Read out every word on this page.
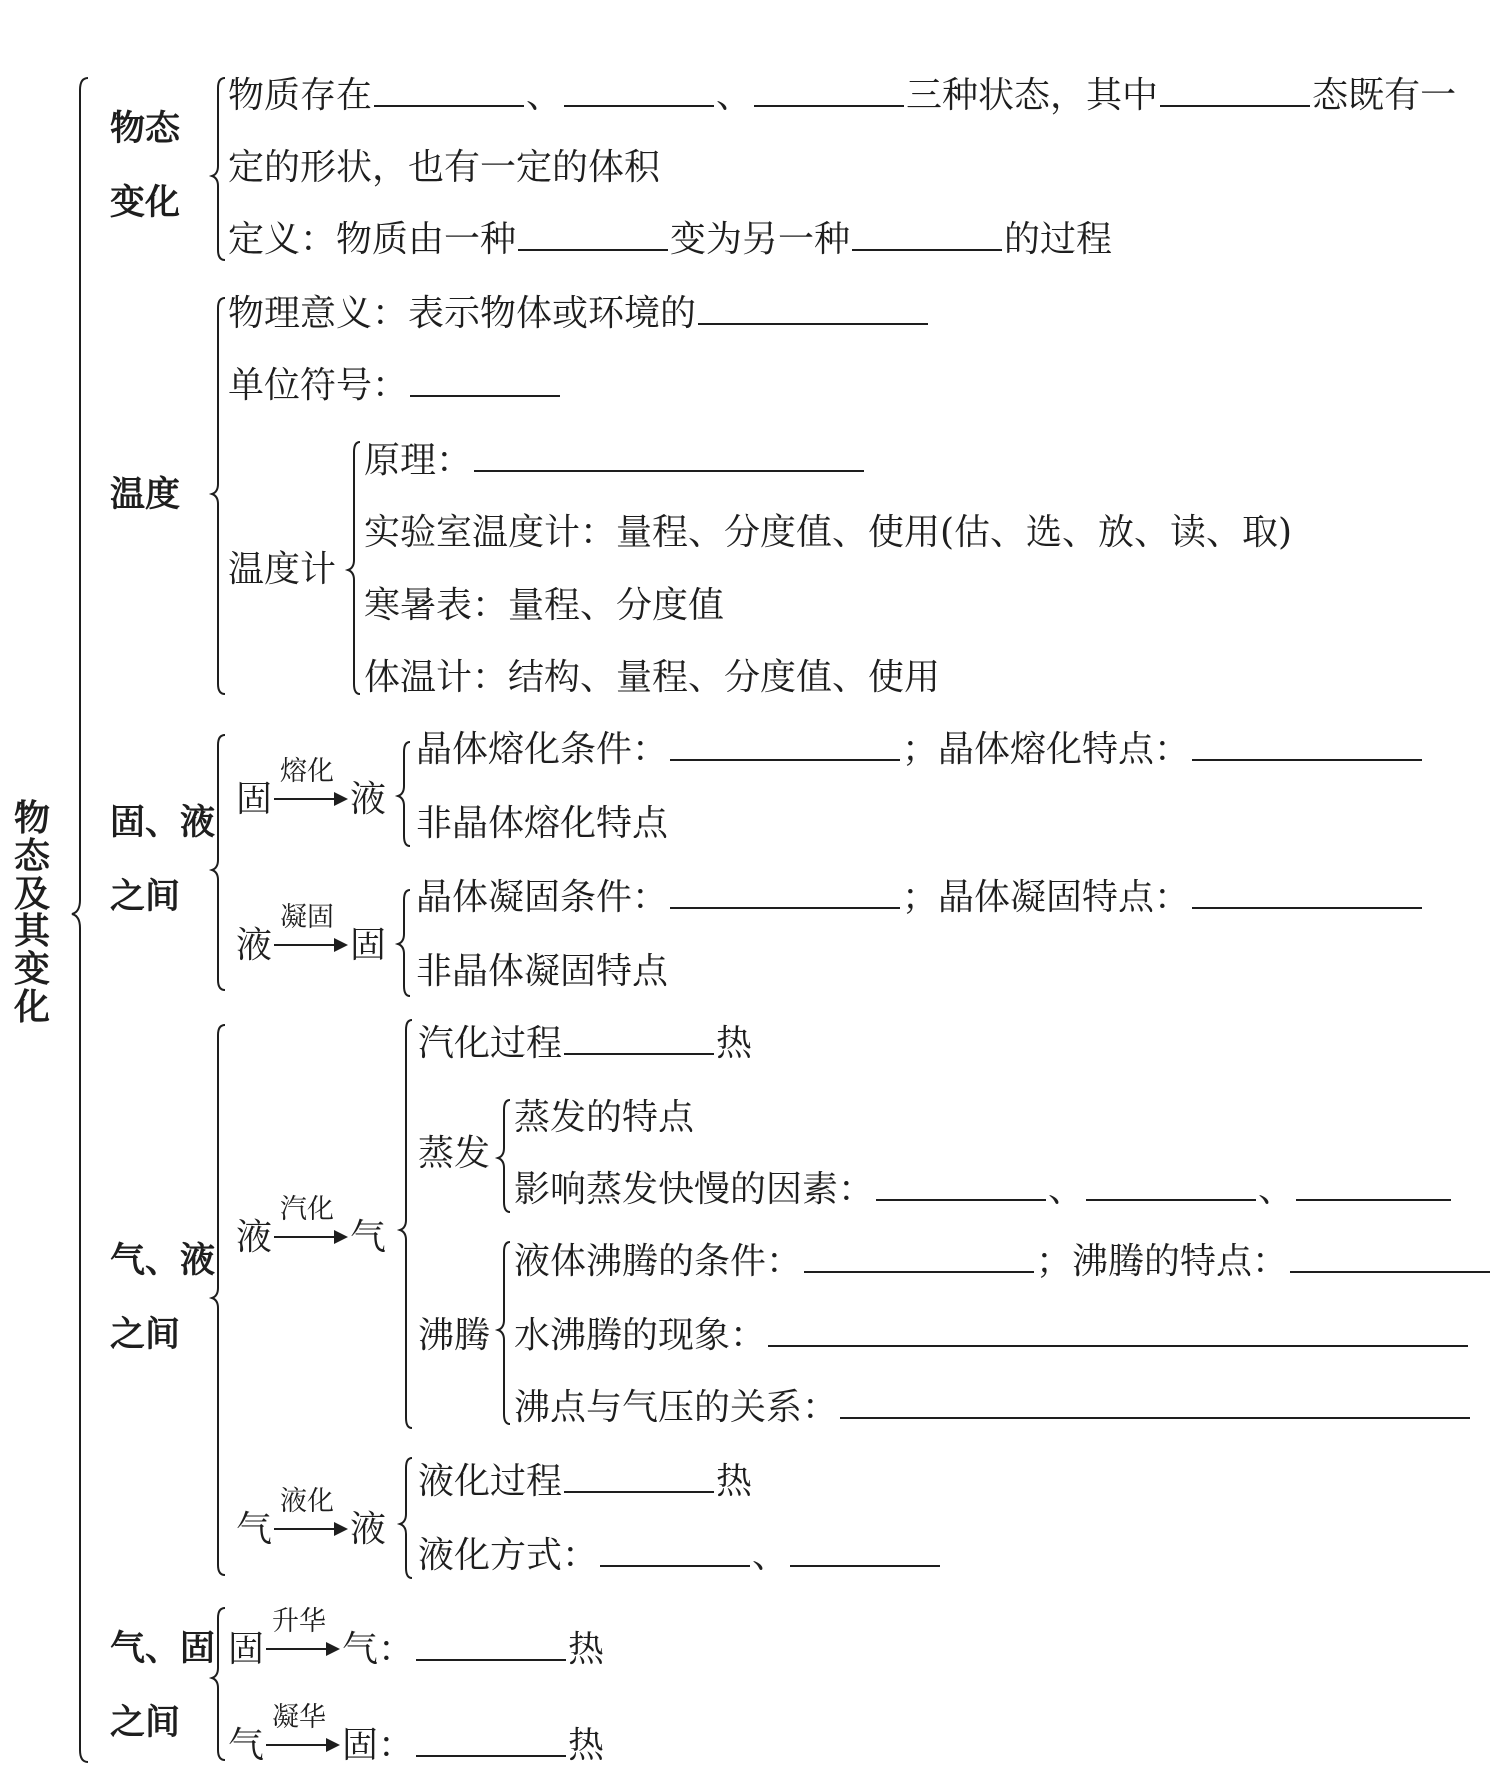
物
态
及
其
变
化
物态
变化
物质存在	、	、	三种状态，其中	态既有一
定的形状，也有一定的体积
定义：物质由一种	变为另一种	的过程
温度
物理意义：表示物体或环境的
单位符号：
温度计
原理：
实验室温度计：量程、分度值、使用(估、选、放、读、取)
寒暑表：量程、分度值
体温计：结构、量程、分度值、使用
固、液
之间
固
熔化
液
晶体熔化条件：	；晶体熔化特点：
非晶体熔化特点
液
凝固
固
晶体凝固条件：	；晶体凝固特点：
非晶体凝固特点
气、液
之间
液
汽化
气
汽化过程	热
蒸发
蒸发的特点
影响蒸发快慢的因素：	、	、
沸腾
液体沸腾的条件：	；沸腾的特点：
水沸腾的现象：
沸点与气压的关系：
气
液化
液
液化过程	热
液化方式：	、
气、固
之间
固
升华
气：	热
气
凝华
固：	热
